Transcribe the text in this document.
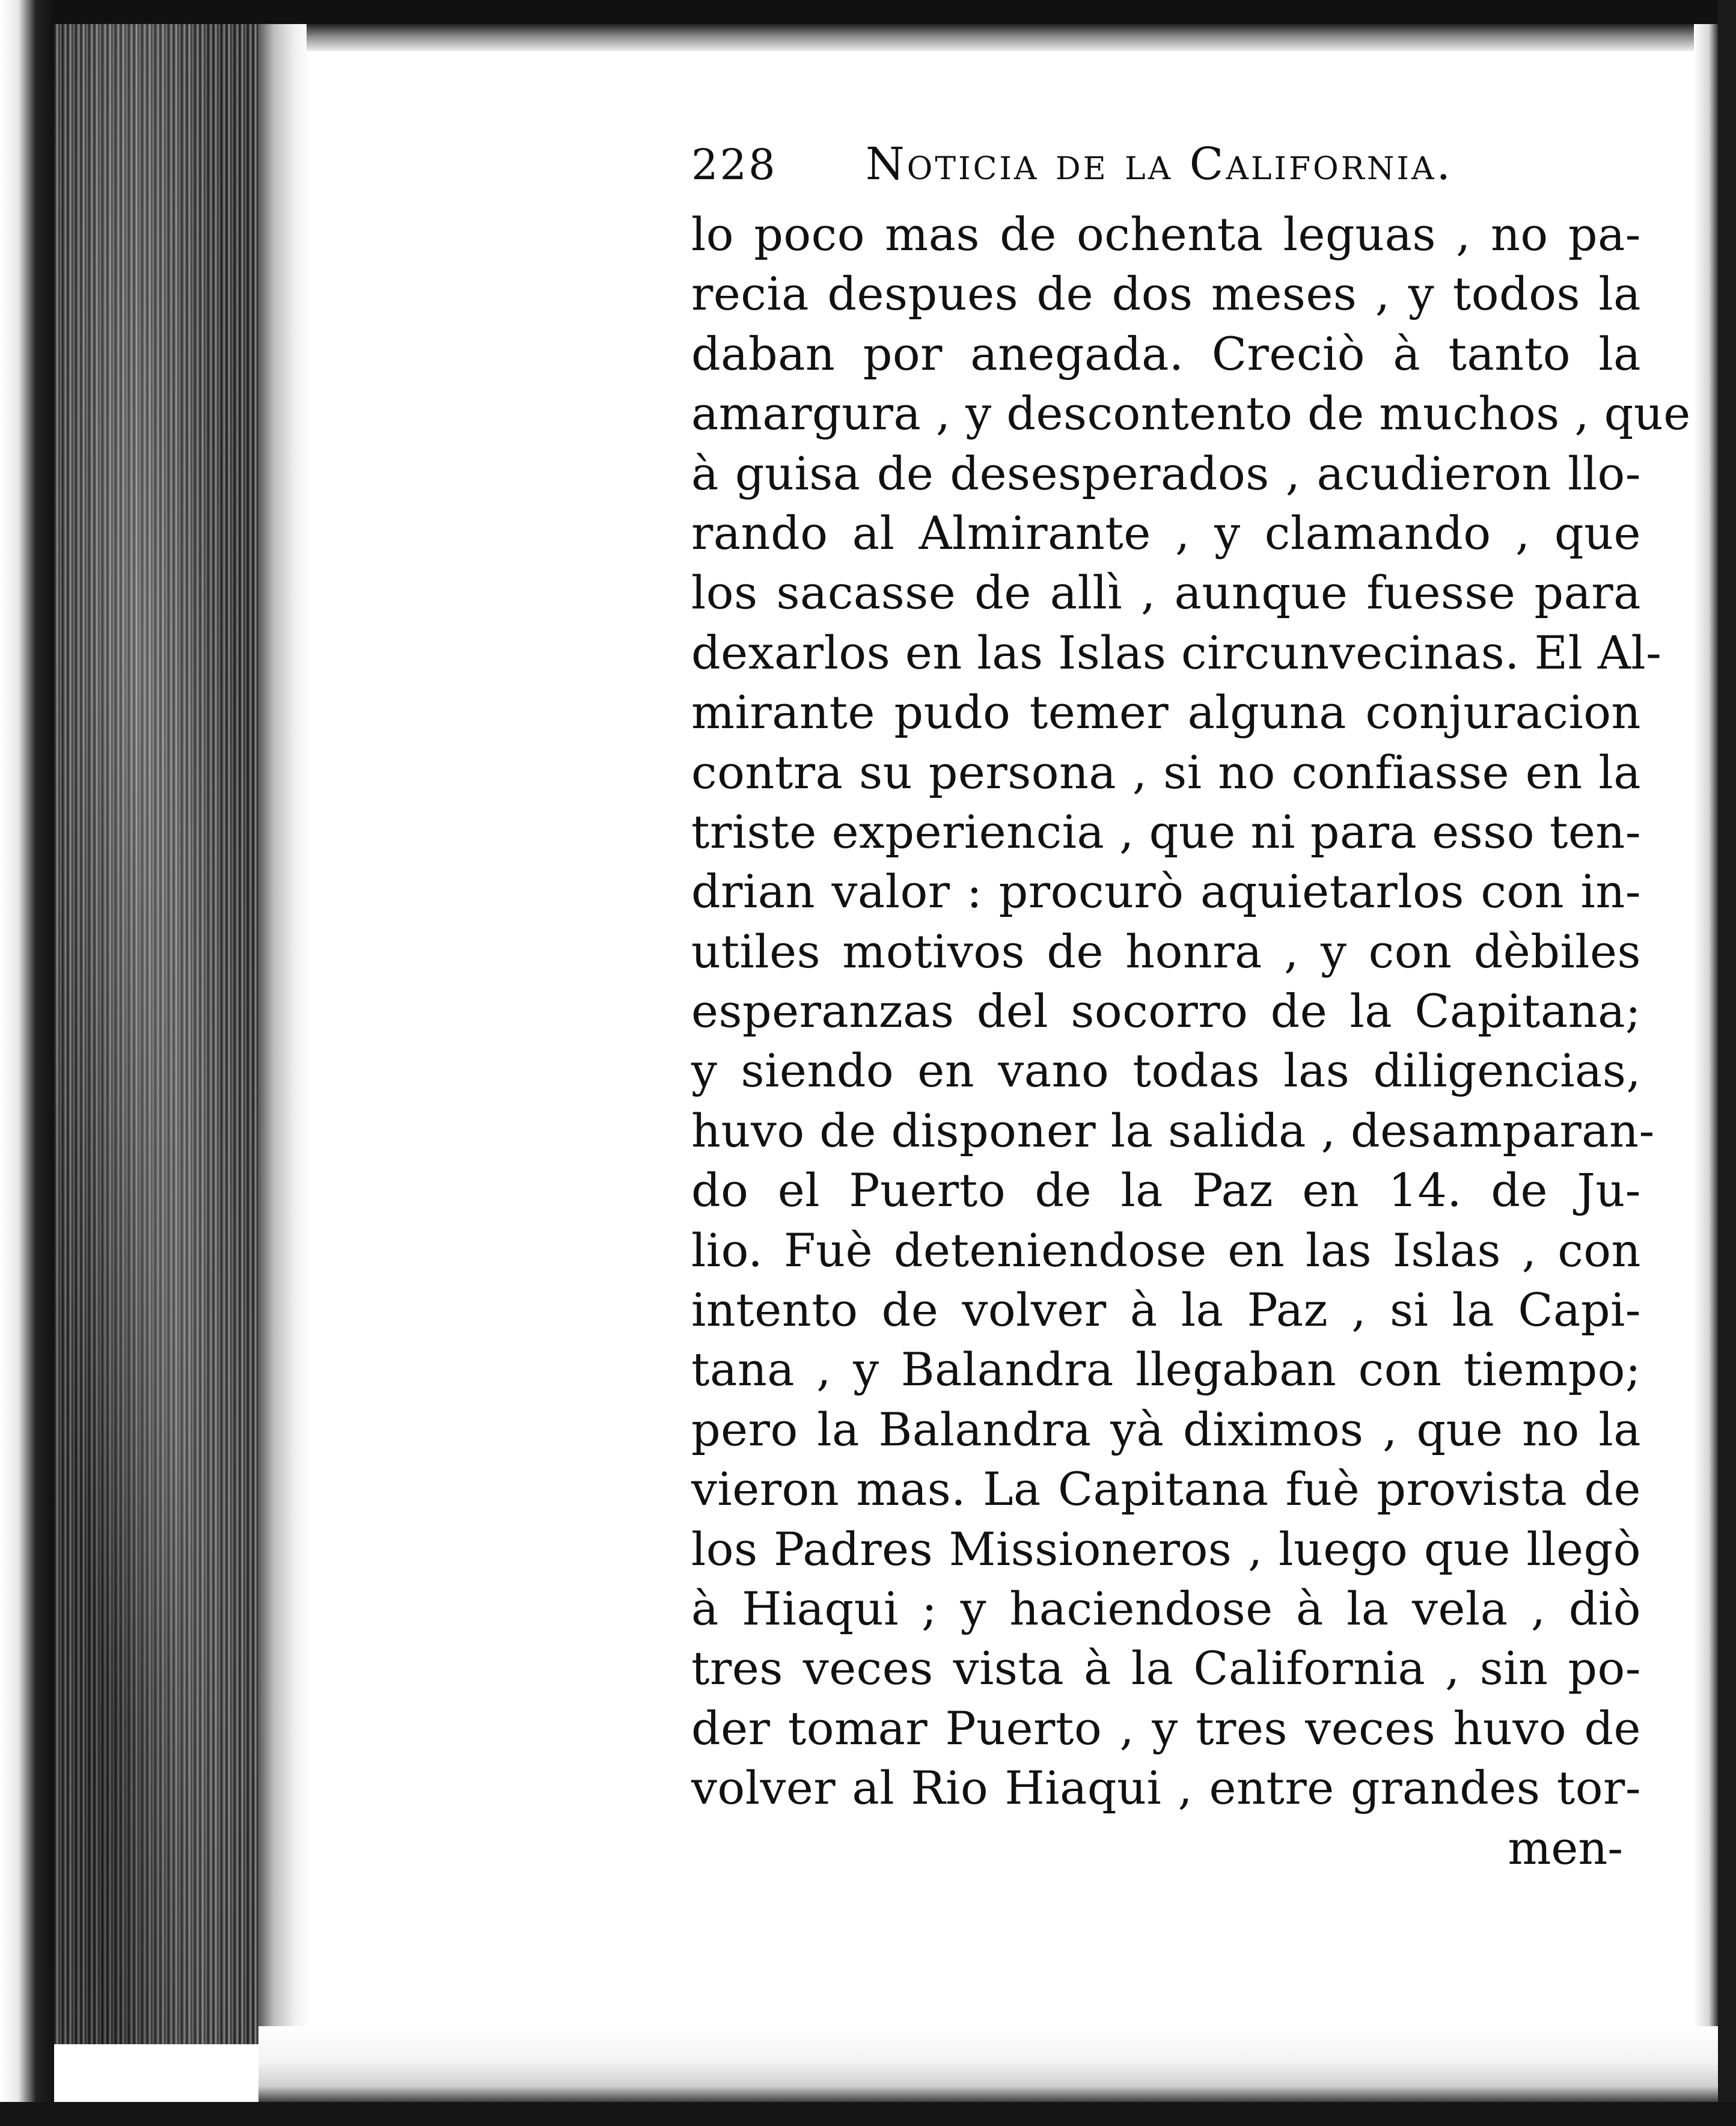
228	Noticia de la California.
lo poco mas de ochenta leguas , no pa-
recia despues de dos meses , y todos la
daban por anegada. Creciò à tanto la
amargura , y descontento de muchos , que
à guisa de desesperados , acudieron llo-
rando al Almirante , y clamando , que
los sacasse de allì , aunque fuesse para
dexarlos en las Islas circunvecinas. El Al-
mirante pudo temer alguna conjuracion
contra su persona , si no confiasse en la
triste experiencia , que ni para esso ten-
drian valor : procurò aquietarlos con in-
utiles motivos de honra , y con dèbiles
esperanzas del socorro de la Capitana;
y siendo en vano todas las diligencias,
huvo de disponer la salida , desamparan-
do el Puerto de la Paz en 14. de Ju-
lio. Fuè deteniendose en las Islas , con
intento de volver à la Paz , si la Capi-
tana , y Balandra llegaban con tiempo;
pero la Balandra yà diximos , que no la
vieron mas. La Capitana fuè provista de
los Padres Missioneros , luego que llegò
à Hiaqui ; y haciendose à la vela , diò
tres veces vista à la California , sin po-
der tomar Puerto , y tres veces huvo de
volver al Rio Hiaqui , entre grandes tor-
men-
